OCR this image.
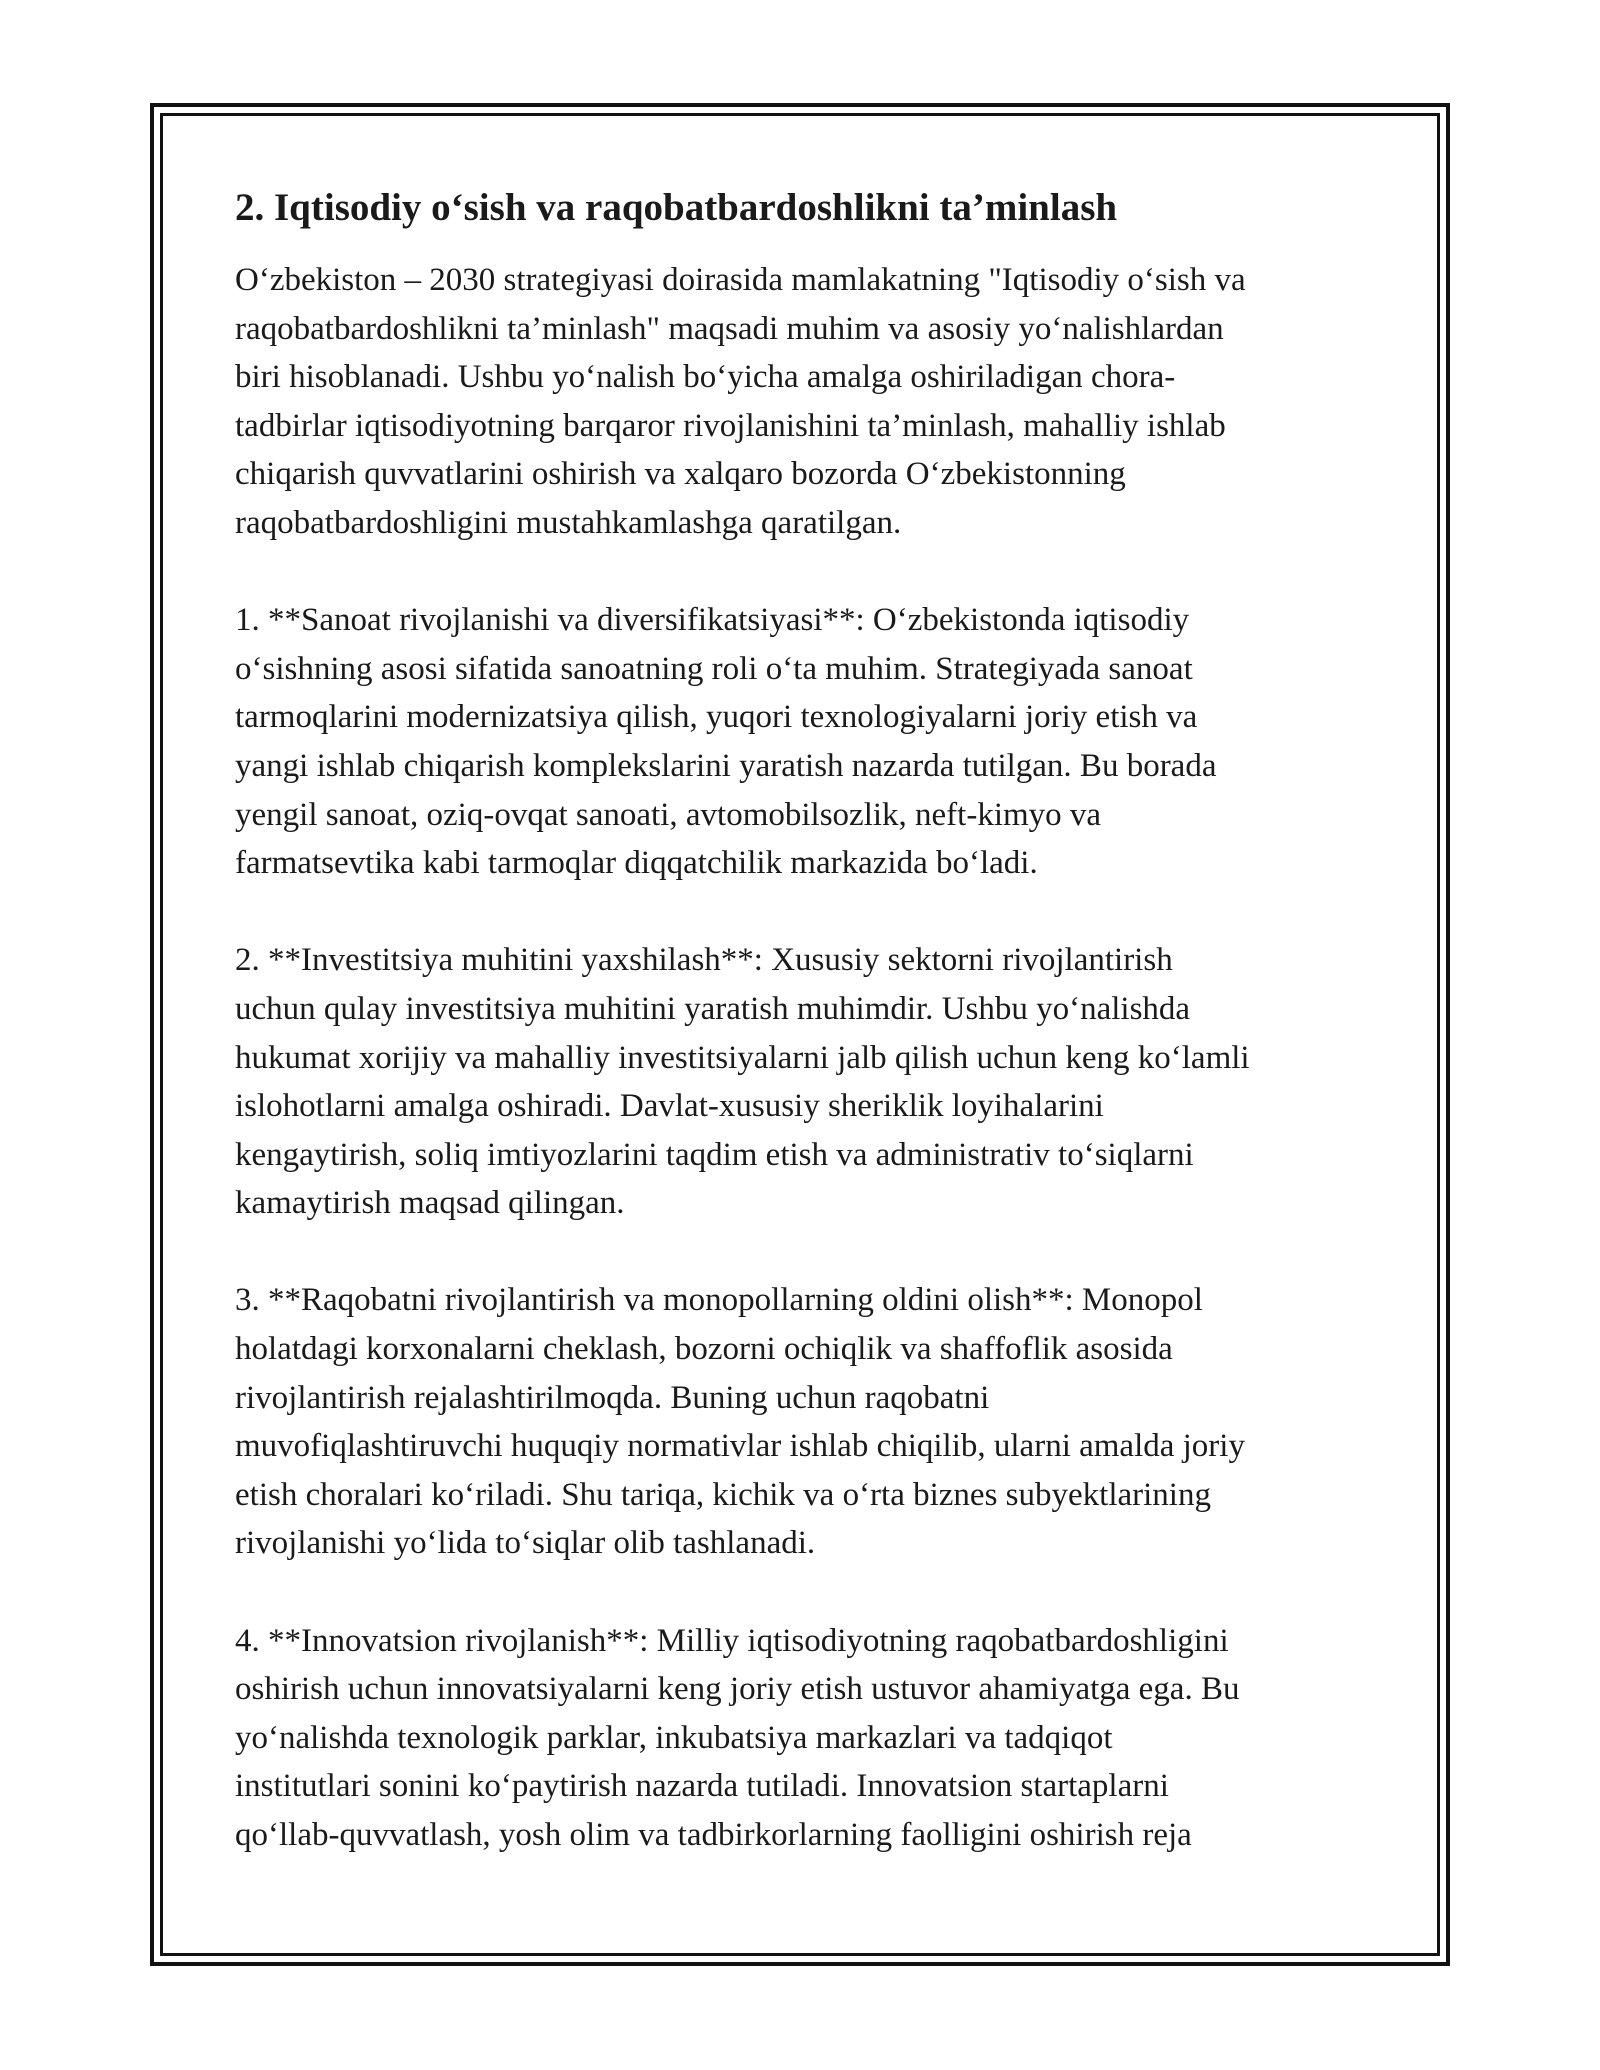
2. Iqtisodiy o‘sish va raqobatbardoshlikni ta’minlash
O‘zbekiston – 2030 strategiyasi doirasida mamlakatning "Iqtisodiy o‘sish va
raqobatbardoshlikni ta’minlash" maqsadi muhim va asosiy yo‘nalishlardan
biri hisoblanadi. Ushbu yo‘nalish bo‘yicha amalga oshiriladigan chora-
tadbirlar iqtisodiyotning barqaror rivojlanishini ta’minlash, mahalliy ishlab
chiqarish quvvatlarini oshirish va xalqaro bozorda O‘zbekistonning
raqobatbardoshligini mustahkamlashga qaratilgan.
1. **Sanoat rivojlanishi va diversifikatsiyasi**: O‘zbekistonda iqtisodiy
o‘sishning asosi sifatida sanoatning roli o‘ta muhim. Strategiyada sanoat
tarmoqlarini modernizatsiya qilish, yuqori texnologiyalarni joriy etish va
yangi ishlab chiqarish komplekslarini yaratish nazarda tutilgan. Bu borada
yengil sanoat, oziq-ovqat sanoati, avtomobilsozlik, neft-kimyo va
farmatsevtika kabi tarmoqlar diqqatchilik markazida bo‘ladi.
2. **Investitsiya muhitini yaxshilash**: Xususiy sektorni rivojlantirish
uchun qulay investitsiya muhitini yaratish muhimdir. Ushbu yo‘nalishda
hukumat xorijiy va mahalliy investitsiyalarni jalb qilish uchun keng ko‘lamli
islohotlarni amalga oshiradi. Davlat-xususiy sheriklik loyihalarini
kengaytirish, soliq imtiyozlarini taqdim etish va administrativ to‘siqlarni
kamaytirish maqsad qilingan.
3. **Raqobatni rivojlantirish va monopollarning oldini olish**: Monopol
holatdagi korxonalarni cheklash, bozorni ochiqlik va shaffoflik asosida
rivojlantirish rejalashtirilmoqda. Buning uchun raqobatni
muvofiqlashtiruvchi huquqiy normativlar ishlab chiqilib, ularni amalda joriy
etish choralari ko‘riladi. Shu tariqa, kichik va o‘rta biznes subyektlarining
rivojlanishi yo‘lida to‘siqlar olib tashlanadi.
4. **Innovatsion rivojlanish**: Milliy iqtisodiyotning raqobatbardoshligini
oshirish uchun innovatsiyalarni keng joriy etish ustuvor ahamiyatga ega. Bu
yo‘nalishda texnologik parklar, inkubatsiya markazlari va tadqiqot
institutlari sonini ko‘paytirish nazarda tutiladi. Innovatsion startaplarni
qo‘llab-quvvatlash, yosh olim va tadbirkorlarning faolligini oshirish reja
